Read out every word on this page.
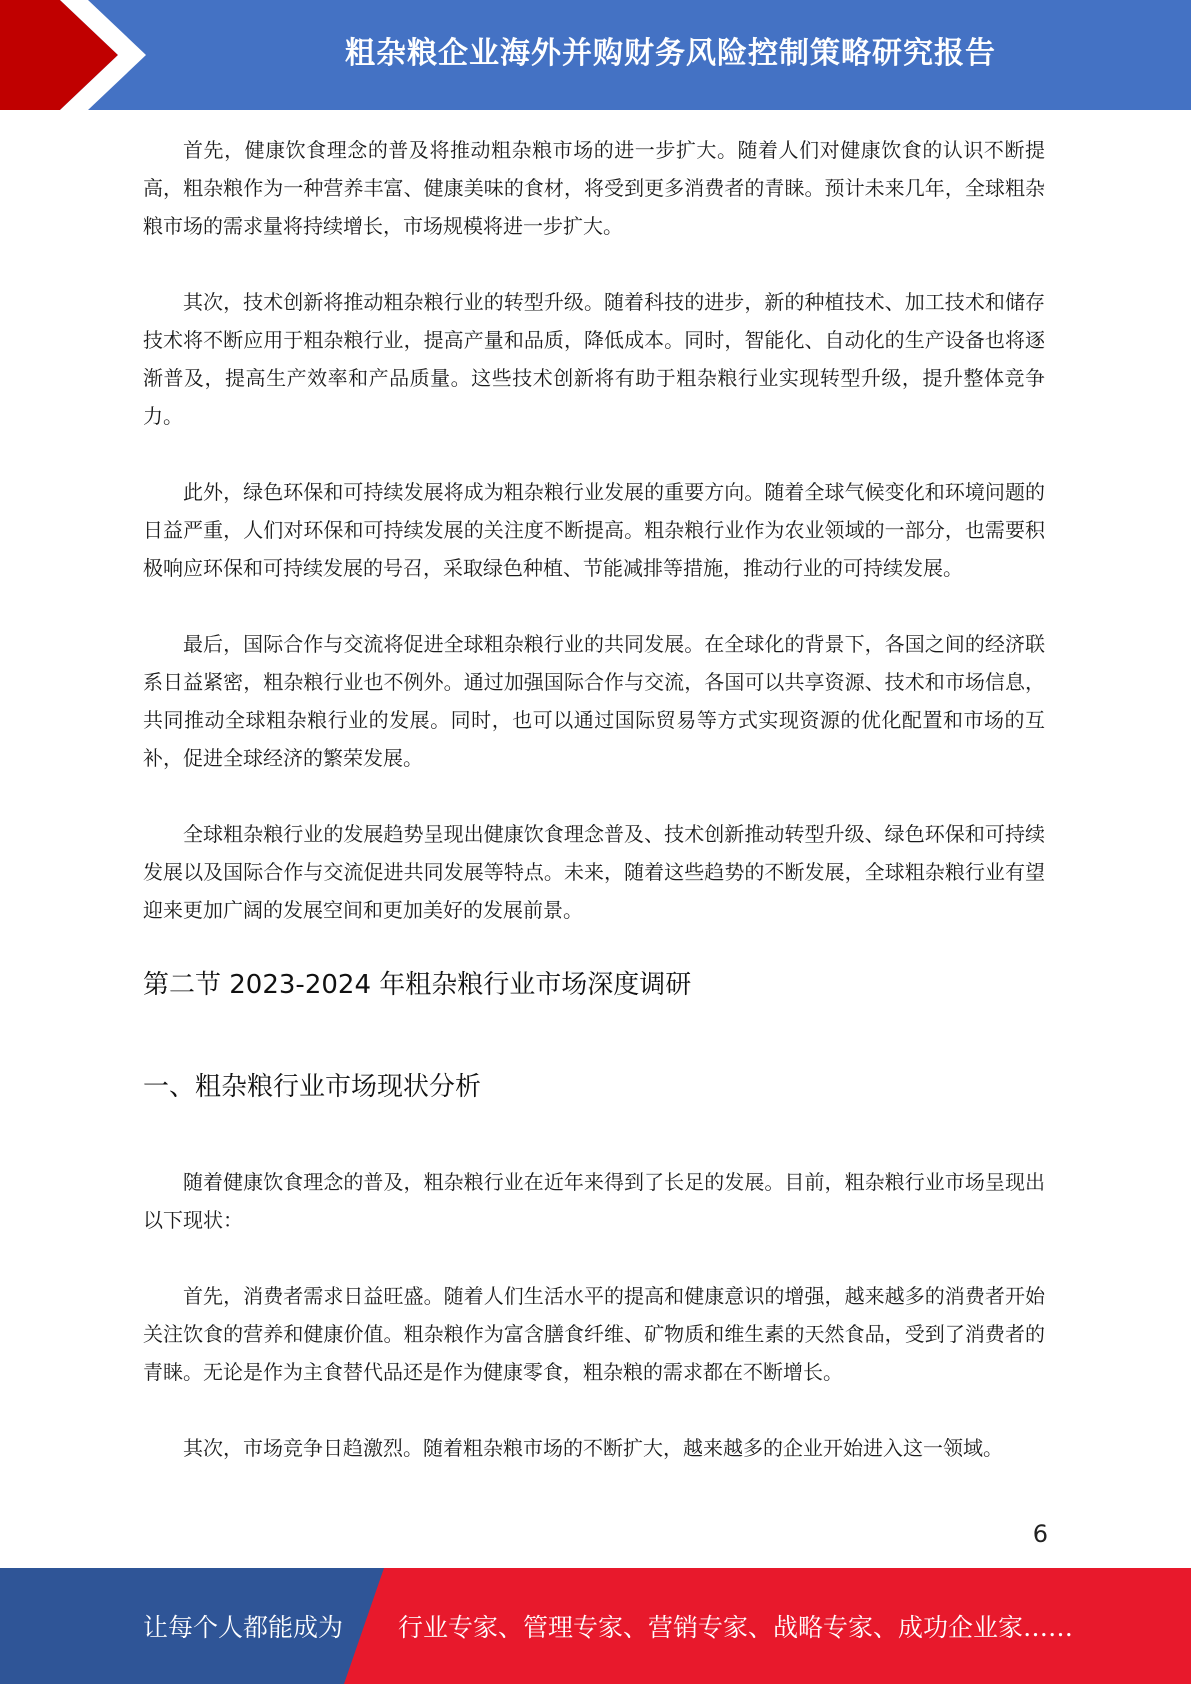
粗杂粮企业海外并购财务风险控制策略研究报告

首先，健康饮食理念的普及将推动粗杂粮市场的进一步扩大。随着人们对健康饮食的认识不断提高，粗杂粮作为一种营养丰富、健康美味的食材，将受到更多消费者的青睐。预计未来几年，全球粗杂粮市场的需求量将持续增长，市场规模将进一步扩大。

其次，技术创新将推动粗杂粮行业的转型升级。随着科技的进步，新的种植技术、加工技术和储存技术将不断应用于粗杂粮行业，提高产量和品质，降低成本。同时，智能化、自动化的生产设备也将逐渐普及，提高生产效率和产品质量。这些技术创新将有助于粗杂粮行业实现转型升级，提升整体竞争力。

此外，绿色环保和可持续发展将成为粗杂粮行业发展的重要方向。随着全球气候变化和环境问题的日益严重，人们对环保和可持续发展的关注度不断提高。粗杂粮行业作为农业领域的一部分，也需要积极响应环保和可持续发展的号召，采取绿色种植、节能减排等措施，推动行业的可持续发展。

最后，国际合作与交流将促进全球粗杂粮行业的共同发展。在全球化的背景下，各国之间的经济联系日益紧密，粗杂粮行业也不例外。通过加强国际合作与交流，各国可以共享资源、技术和市场信息，共同推动全球粗杂粮行业的发展。同时，也可以通过国际贸易等方式实现资源的优化配置和市场的互补，促进全球经济的繁荣发展。

全球粗杂粮行业的发展趋势呈现出健康饮食理念普及、技术创新推动转型升级、绿色环保和可持续发展以及国际合作与交流促进共同发展等特点。未来，随着这些趋势的不断发展，全球粗杂粮行业有望迎来更加广阔的发展空间和更加美好的发展前景。

第二节 2023-2024 年粗杂粮行业市场深度调研
一、粗杂粮行业市场现状分析

随着健康饮食理念的普及，粗杂粮行业在近年来得到了长足的发展。目前，粗杂粮行业市场呈现出以下现状：

首先，消费者需求日益旺盛。随着人们生活水平的提高和健康意识的增强，越来越多的消费者开始关注饮食的营养和健康价值。粗杂粮作为富含膳食纤维、矿物质和维生素的天然食品，受到了消费者的青睐。无论是作为主食替代品还是作为健康零食，粗杂粮的需求都在不断增长。

其次，市场竞争日趋激烈。随着粗杂粮市场的不断扩大，越来越多的企业开始进入这一领域。

6
让每个人都能成为 行业专家、管理专家、营销专家、战略专家、成功企业家……
